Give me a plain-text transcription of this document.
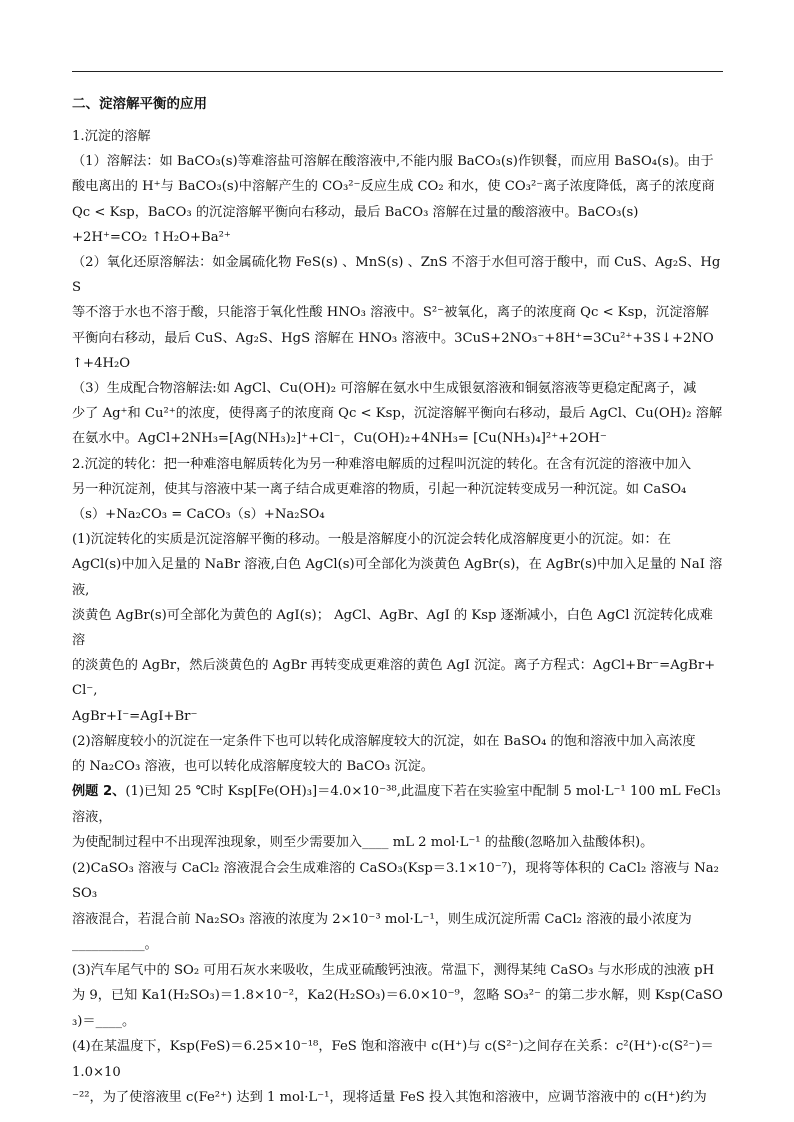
二、淀溶解平衡的应用

1.沉淀的溶解

（1）溶解法：如 BaCO₃(s)等难溶盐可溶解在酸溶液中,不能内服 BaCO₃(s)作钡餐，而应用 BaSO₄(s)。由于

酸电离出的 H⁺与 BaCO₃(s)中溶解产生的 CO₃²⁻反应生成 CO₂ 和水，使 CO₃²⁻离子浓度降低，离子的浓度商

Qc < Ksp，BaCO₃ 的沉淀溶解平衡向右移动，最后 BaCO₃ 溶解在过量的酸溶液中。BaCO₃(s)

+2H⁺=CO₂ ↑H₂O+Ba²⁺

（2）氧化还原溶解法：如金属硫化物 FeS(s) 、MnS(s) 、ZnS 不溶于水但可溶于酸中，而 CuS、Ag₂S、HgS

等不溶于水也不溶于酸，只能溶于氧化性酸 HNO₃ 溶液中。S²⁻被氧化，离子的浓度商 Qc < Ksp，沉淀溶解

平衡向右移动，最后 CuS、Ag₂S、HgS 溶解在 HNO₃ 溶液中。3CuS+2NO₃⁻+8H⁺=3Cu²⁺+3S↓+2NO↑+4H₂O

（3）生成配合物溶解法:如 AgCl、Cu(OH)₂ 可溶解在氨水中生成银氨溶液和铜氨溶液等更稳定配离子，减

少了 Ag⁺和 Cu²⁺的浓度，使得离子的浓度商 Qc < Ksp，沉淀溶解平衡向右移动，最后 AgCl、Cu(OH)₂ 溶解

在氨水中。AgCl+2NH₃=[Ag(NH₃)₂]⁺+Cl⁻，Cu(OH)₂+4NH₃= [Cu(NH₃)₄]²⁺+2OH⁻

2.沉淀的转化：把一种难溶电解质转化为另一种难溶电解质的过程叫沉淀的转化。在含有沉淀的溶液中加入

另一种沉淀剂，使其与溶液中某一离子结合成更难溶的物质，引起一种沉淀转变成另一种沉淀。如 CaSO₄

（s）+Na₂CO₃ = CaCO₃（s）+Na₂SO₄

(1)沉淀转化的实质是沉淀溶解平衡的移动。一般是溶解度小的沉淀会转化成溶解度更小的沉淀。如：在

AgCl(s)中加入足量的 NaBr 溶液,白色 AgCl(s)可全部化为淡黄色 AgBr(s)，在 AgBr(s)中加入足量的 NaI 溶液,

淡黄色 AgBr(s)可全部化为黄色的 AgI(s)； AgCl、AgBr、AgI 的 Ksp 逐渐减小，白色 AgCl 沉淀转化成难溶

的淡黄色的 AgBr，然后淡黄色的 AgBr 再转变成更难溶的黄色 AgI 沉淀。离子方程式：AgCl+Br⁻=AgBr+Cl⁻,

AgBr+I⁻=AgI+Br⁻

(2)溶解度较小的沉淀在一定条件下也可以转化成溶解度较大的沉淀，如在 BaSO₄ 的饱和溶液中加入高浓度

的 Na₂CO₃ 溶液，也可以转化成溶解度较大的 BaCO₃ 沉淀。

例题 2、(1)已知 25 ℃时 Ksp[Fe(OH)₃]＝4.0×10⁻³⁸,此温度下若在实验室中配制 5 mol·L⁻¹ 100 mL FeCl₃ 溶液，

为使配制过程中不出现浑浊现象，则至少需要加入____ mL 2 mol·L⁻¹ 的盐酸(忽略加入盐酸体积)。

(2)CaSO₃ 溶液与 CaCl₂ 溶液混合会生成难溶的 CaSO₃(Ksp＝3.1×10⁻⁷)，现将等体积的 CaCl₂ 溶液与 Na₂SO₃

溶液混合，若混合前 Na₂SO₃ 溶液的浓度为 2×10⁻³ mol·L⁻¹，则生成沉淀所需 CaCl₂ 溶液的最小浓度为

___________。

(3)汽车尾气中的 SO₂ 可用石灰水来吸收，生成亚硫酸钙浊液。常温下，测得某纯 CaSO₃ 与水形成的浊液 pH

为 9，已知 Ka1(H₂SO₃)＝1.8×10⁻²，Ka2(H₂SO₃)＝6.0×10⁻⁹，忽略 SO₃²⁻ 的第二步水解，则 Ksp(CaSO₃)＝____。

(4)在某温度下，Ksp(FeS)＝6.25×10⁻¹⁸，FeS 饱和溶液中 c(H⁺)与 c(S²⁻)之间存在关系：c²(H⁺)·c(S²⁻)＝1.0×10

⁻²²，为了使溶液里 c(Fe²⁺) 达到 1 mol·L⁻¹，现将适量 FeS 投入其饱和溶液中，应调节溶液中的 c(H⁺)约为
